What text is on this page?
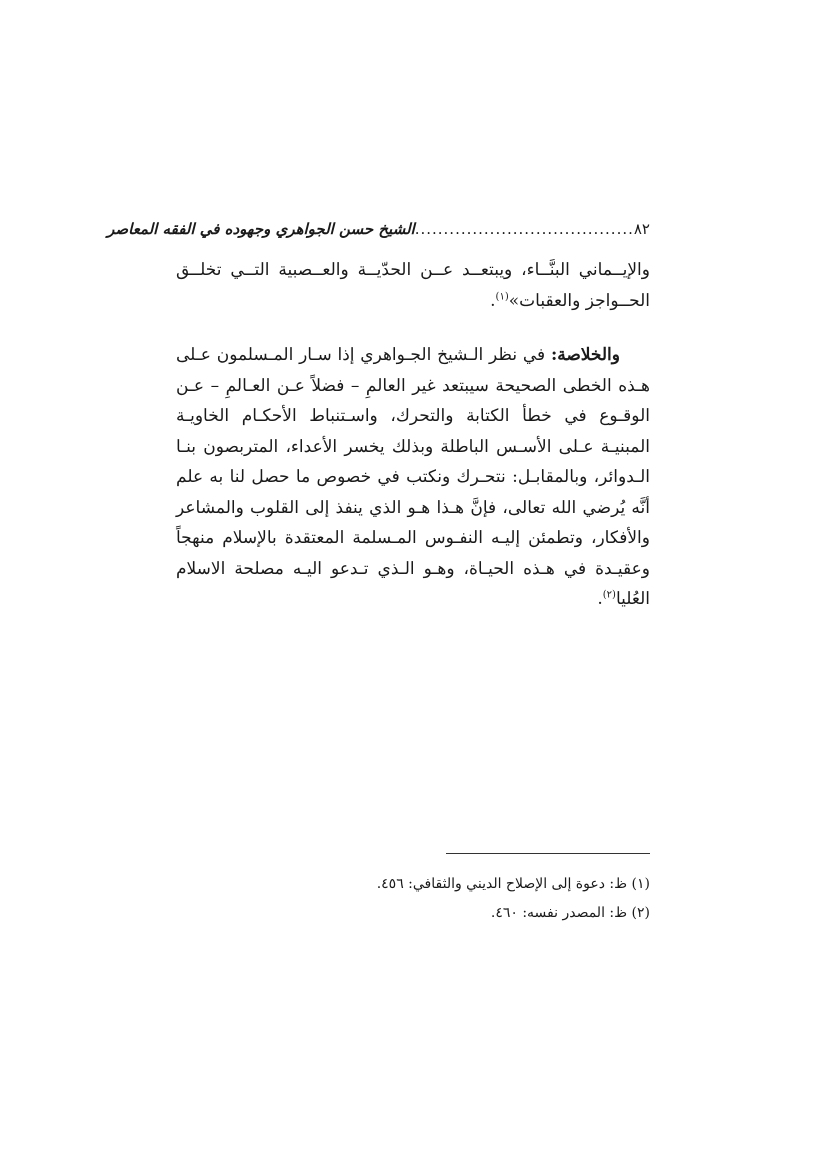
٨٢
......................................
الشيخ حسن الجواهري وجهوده في الفقه المعاصر

والإيــماني البنَّــاء، ويبتعــد عــن الحدّيــة والعــصبية التــي تخلــق الحــواجز والعقبات»$^{(١)}$.

والخلاصة: في نظر الـشيخ الجـواهري إذا سـار المـسلمون عـلى هـذه الخطى الصحيحة سيبتعد غير العالمِ – فضلاً عـن العـالمِ – عـن الوقـوع في خطأ الكتابة والتحرك، واسـتنباط الأحكـام الخاويـة المبنيـة عـلى الأسـس الباطلة وبذلك يخسر الأعداء، المتربصون بنـا الـدوائر، وبالمقابـل: نتحـرك ونكتب في خصوص ما حصل لنا به علم أنَّه يُرضي الله تعالى، فإنَّ هـذا هـو الذي ينفذ إلى القلوب والمشاعر والأفكار، وتطمئن إليـه النفـوس المـسلمة المعتقدة بالإسلام منهجاً وعقيـدة في هـذه الحيـاة، وهـو الـذي تـدعو اليـه مصلحة الاسلام العُليا$^{(٢)}$.

(١) ظ: دعوة إلى الإصلاح الديني والثقافي: ٤٥٦.
(٢) ظ: المصدر نفسه: ٤٦٠.
